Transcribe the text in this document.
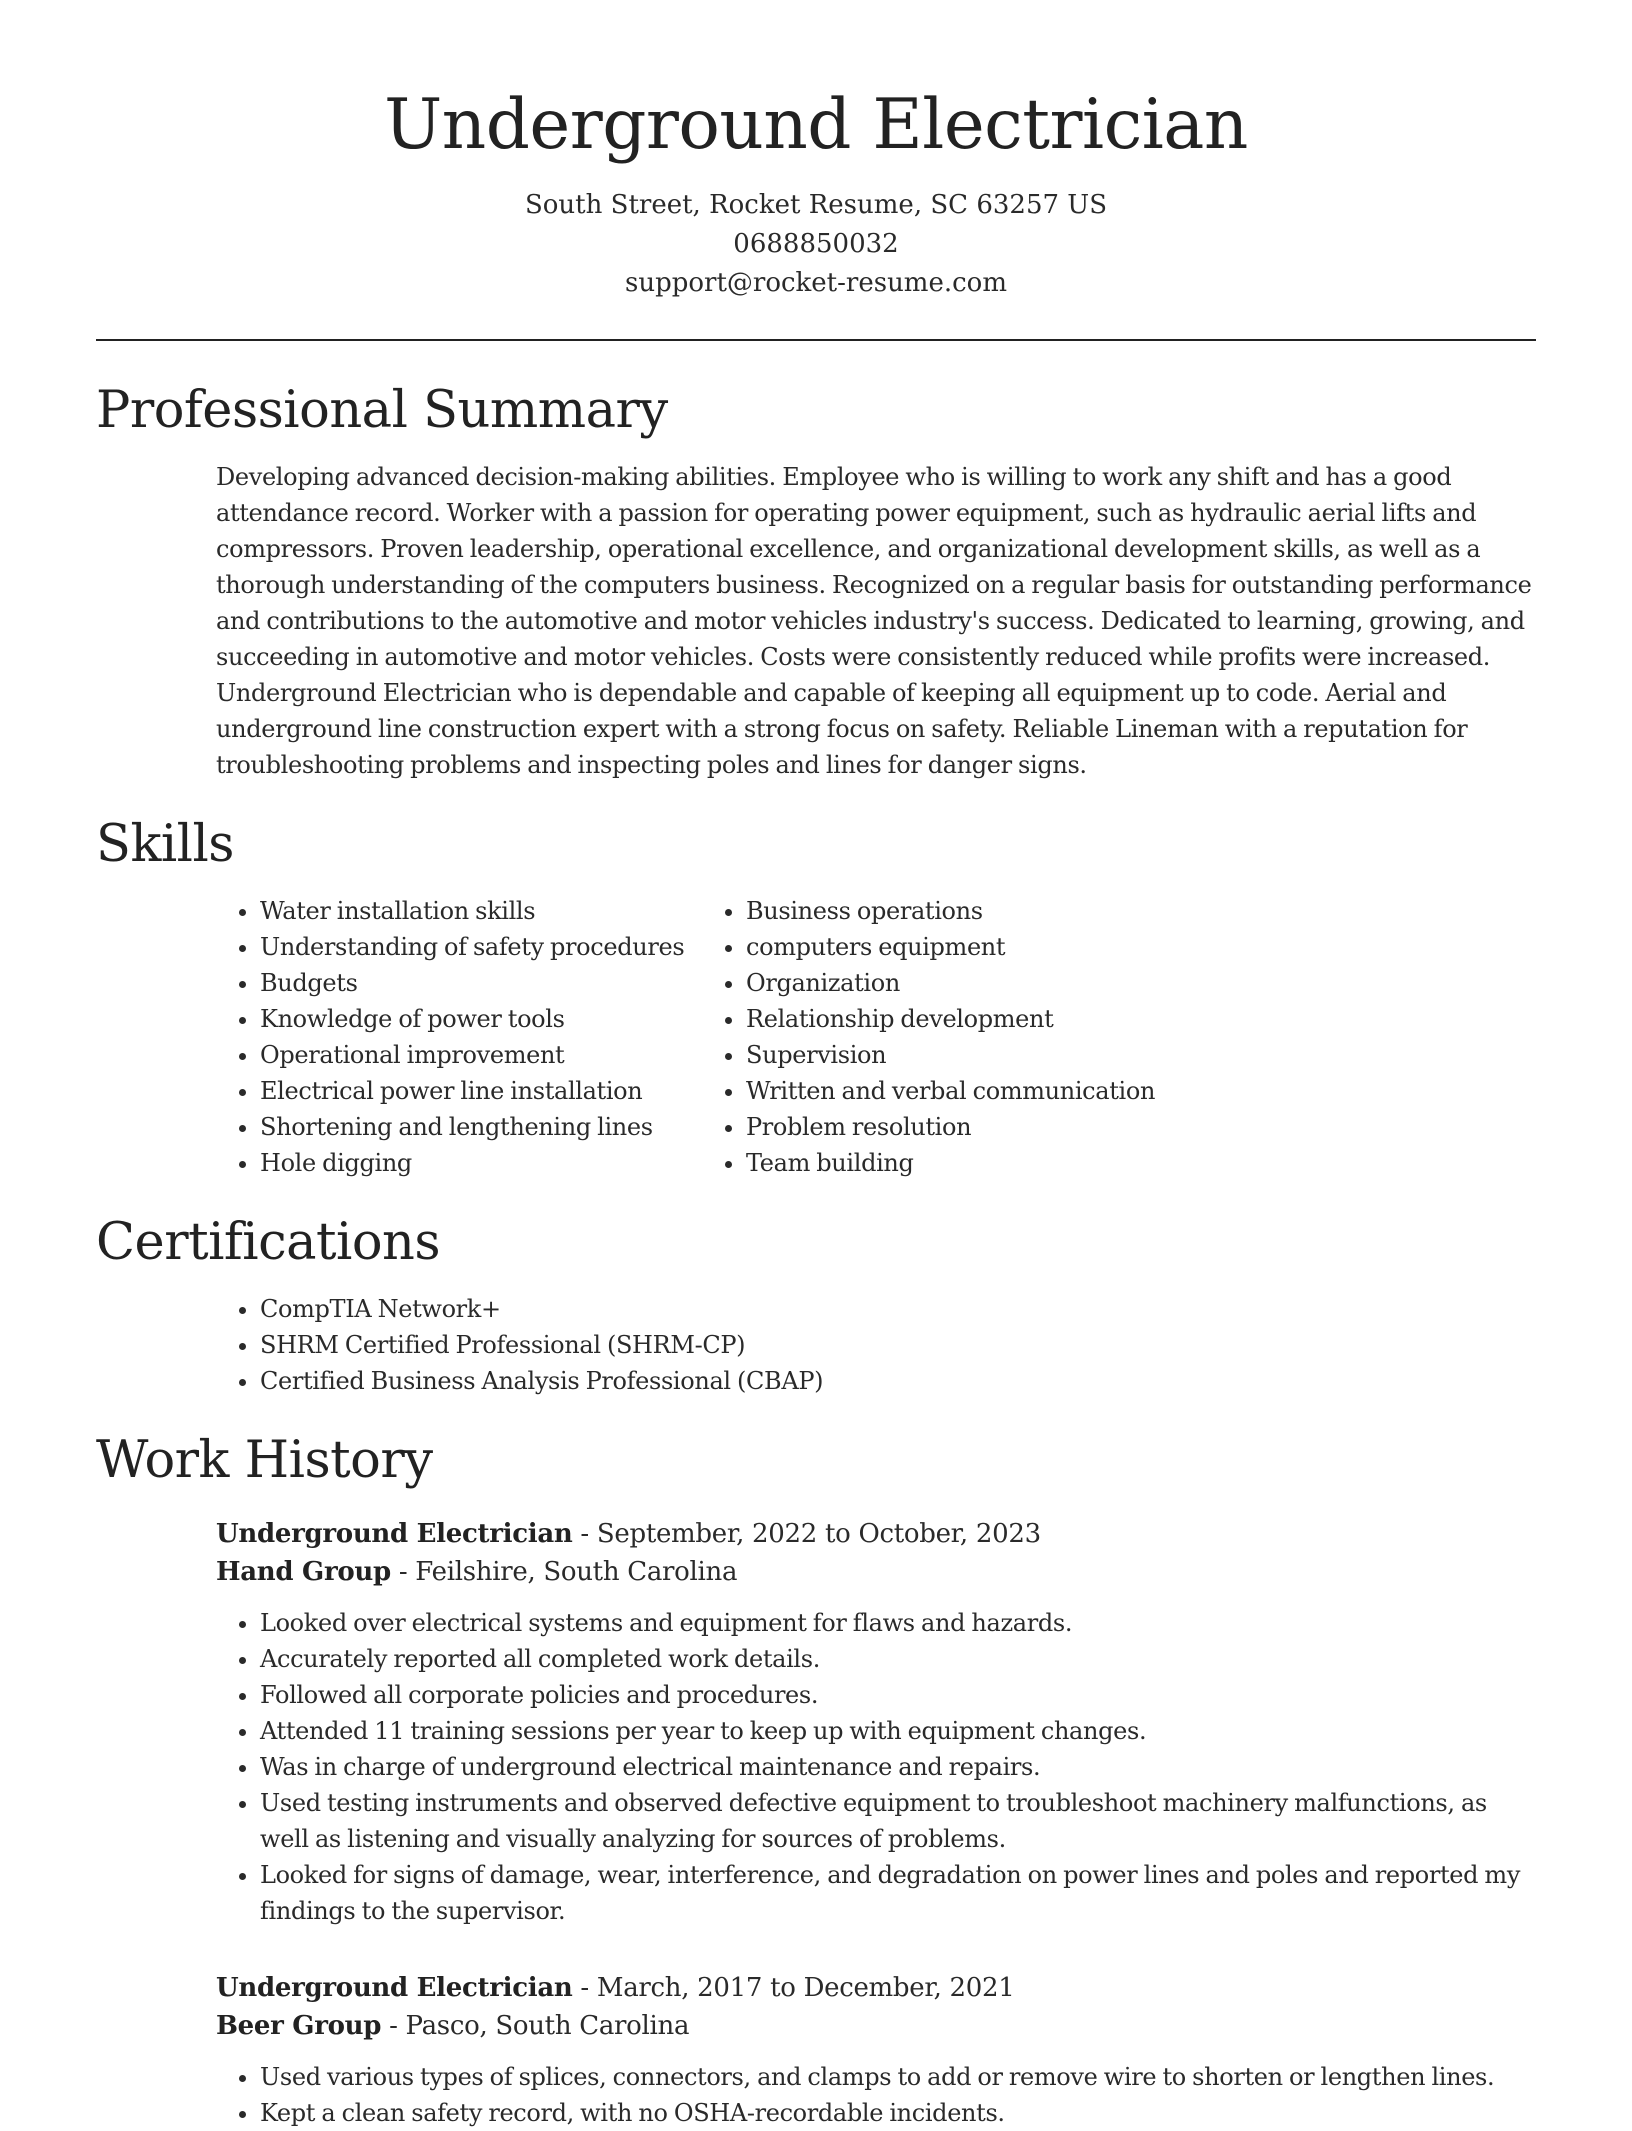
Underground Electrician
South Street, Rocket Resume, SC 63257 US
0688850032
support@rocket-resume.com
Professional Summary

Developing advanced decision-making abilities. Employee who is willing to work any shift and has a good attendance record. Worker with a passion for operating power equipment, such as hydraulic aerial lifts and compressors. Proven leadership, operational excellence, and organizational development skills, as well as a thorough understanding of the computers business. Recognized on a regular basis for outstanding performance and contributions to the automotive and motor vehicles industry's success. Dedicated to learning, growing, and succeeding in automotive and motor vehicles. Costs were consistently reduced while profits were increased. Underground Electrician who is dependable and capable of keeping all equipment up to code. Aerial and underground line construction expert with a strong focus on safety. Reliable Lineman with a reputation for troubleshooting problems and inspecting poles and lines for danger signs.

Skills
• Water installation skills
• Understanding of safety procedures
• Budgets
• Knowledge of power tools
• Operational improvement
• Electrical power line installation
• Shortening and lengthening lines
• Hole digging
• Business operations
• computers equipment
• Organization
• Relationship development
• Supervision
• Written and verbal communication
• Problem resolution
• Team building
Certifications
• CompTIA Network+
• SHRM Certified Professional (SHRM-CP)
• Certified Business Analysis Professional (CBAP)
Work History
Underground Electrician - September, 2022 to October, 2023
Hand Group - Feilshire, South Carolina
• Looked over electrical systems and equipment for flaws and hazards.
• Accurately reported all completed work details.
• Followed all corporate policies and procedures.
• Attended 11 training sessions per year to keep up with equipment changes.
• Was in charge of underground electrical maintenance and repairs.
• Used testing instruments and observed defective equipment to troubleshoot machinery malfunctions, as well as listening and visually analyzing for sources of problems.
• Looked for signs of damage, wear, interference, and degradation on power lines and poles and reported my findings to the supervisor.
Underground Electrician - March, 2017 to December, 2021
Beer Group - Pasco, South Carolina
• Used various types of splices, connectors, and clamps to add or remove wire to shorten or lengthen lines.
• Kept a clean safety record, with no OSHA-recordable incidents.
